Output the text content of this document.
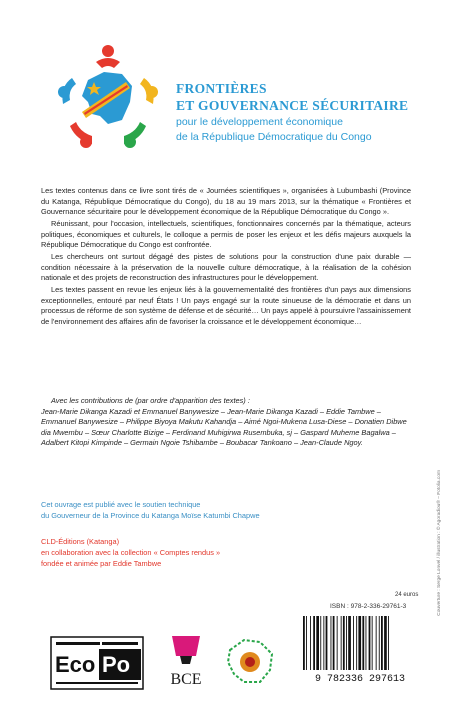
FRONTIÈRES
ET GOUVERNANCE SÉCURITAIRE
pour le développement économique
de la République Démocratique du Congo

Les textes contenus dans ce livre sont tirés de « Journées scientifiques », organisées à Lubumbashi (Province du Katanga, République Démocratique du Congo), du 18 au 19 mars 2013, sur la thématique « Frontières et Gouvernance sécuritaire pour le développement économique de la République Démocratique du Congo ».

Réunissant, pour l'occasion, intellectuels, scientifiques, fonctionnaires concernés par la thématique, acteurs politiques, économiques et culturels, le colloque a permis de poser les enjeux et les défis majeurs auxquels la République Démocratique du Congo est confrontée.

Les chercheurs ont surtout dégagé des pistes de solutions pour la construction d'une paix durable — condition nécessaire à la préservation de la nouvelle culture démocratique, à la réalisation de la cohésion nationale et des projets de reconstruction des infrastructures pour le développement.

Les textes passent en revue les enjeux liés à la gouvernementalité des frontières d'un pays aux dimensions exceptionnelles, entouré par neuf États ! Un pays engagé sur la route sinueuse de la démocratie et dans un processus de réforme de son système de défense et de sécurité… Un pays appelé à poursuivre l'assainissement de l'environnement des affaires afin de favoriser la croissance et le développement économique…

Avec les contributions de (par ordre d'apparition des textes) :
Jean-Marie Dikanga Kazadi et Emmanuel Banywesize – Jean-Marie Dikanga Kazadi – Eddie Tambwe – Emmanuel Banywesize – Philippe Biyoya Makutu Kahandja – Aimé Ngoi-Mukena Lusa-Diese – Donatien Dibwe dia Mwembu – Sœur Charlotte Bizige – Ferdinand Muhigirwa Rusembuka, sj – Gaspard Muheme Bagalwa – Adalbert Kitopi Kimpinde – Germain Ngoie Tshibambe – Boubacar Tankoano – Jean-Claude Ngoy.
Cet ouvrage est publié avec le soutien technique
du Gouverneur de la Province du Katanga Moïse Katumbi Chapwe
CLD-Éditions (Katanga)
en collaboration avec la collection « Comptes rendus »
fondée et animée par Eddie Tambwe	Couverture : Serge Lonvel / illustration : © Agoradiou® – Fotolia.com
24 euros
ISBN : 978-2-336-29761-3
9 782336 297613
Eco Po
BCE
